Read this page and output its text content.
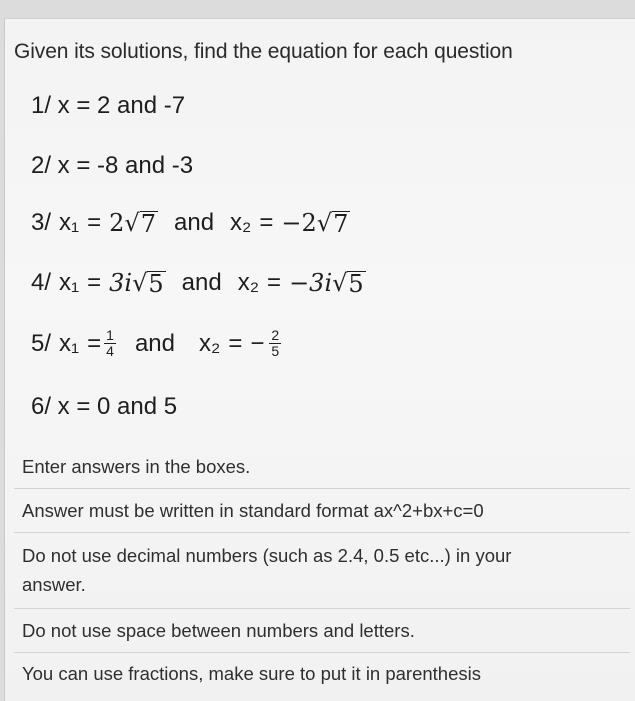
Given its solutions, find the equation for each question
1/ x = 2 and -7
2/ x = -8 and -3
3/ x₁ = 2 √ 7 and x₂ = −2 √ 7
4/ x₁ = 3i √ 5 and x₂ = −3i √ 5
5/ $x_1 = \frac{1}{4}$ and x₂ = − $\frac{2}{5}$
6/ x = 0 and 5
Enter answers in the boxes.
Answer must be written in standard format ax^2+bx+c=0
Do not use decimal numbers (such as 2.4, 0.5 etc...) in your answer.
Do not use space between numbers and letters.
You can use fractions, make sure to put it in parenthesis
